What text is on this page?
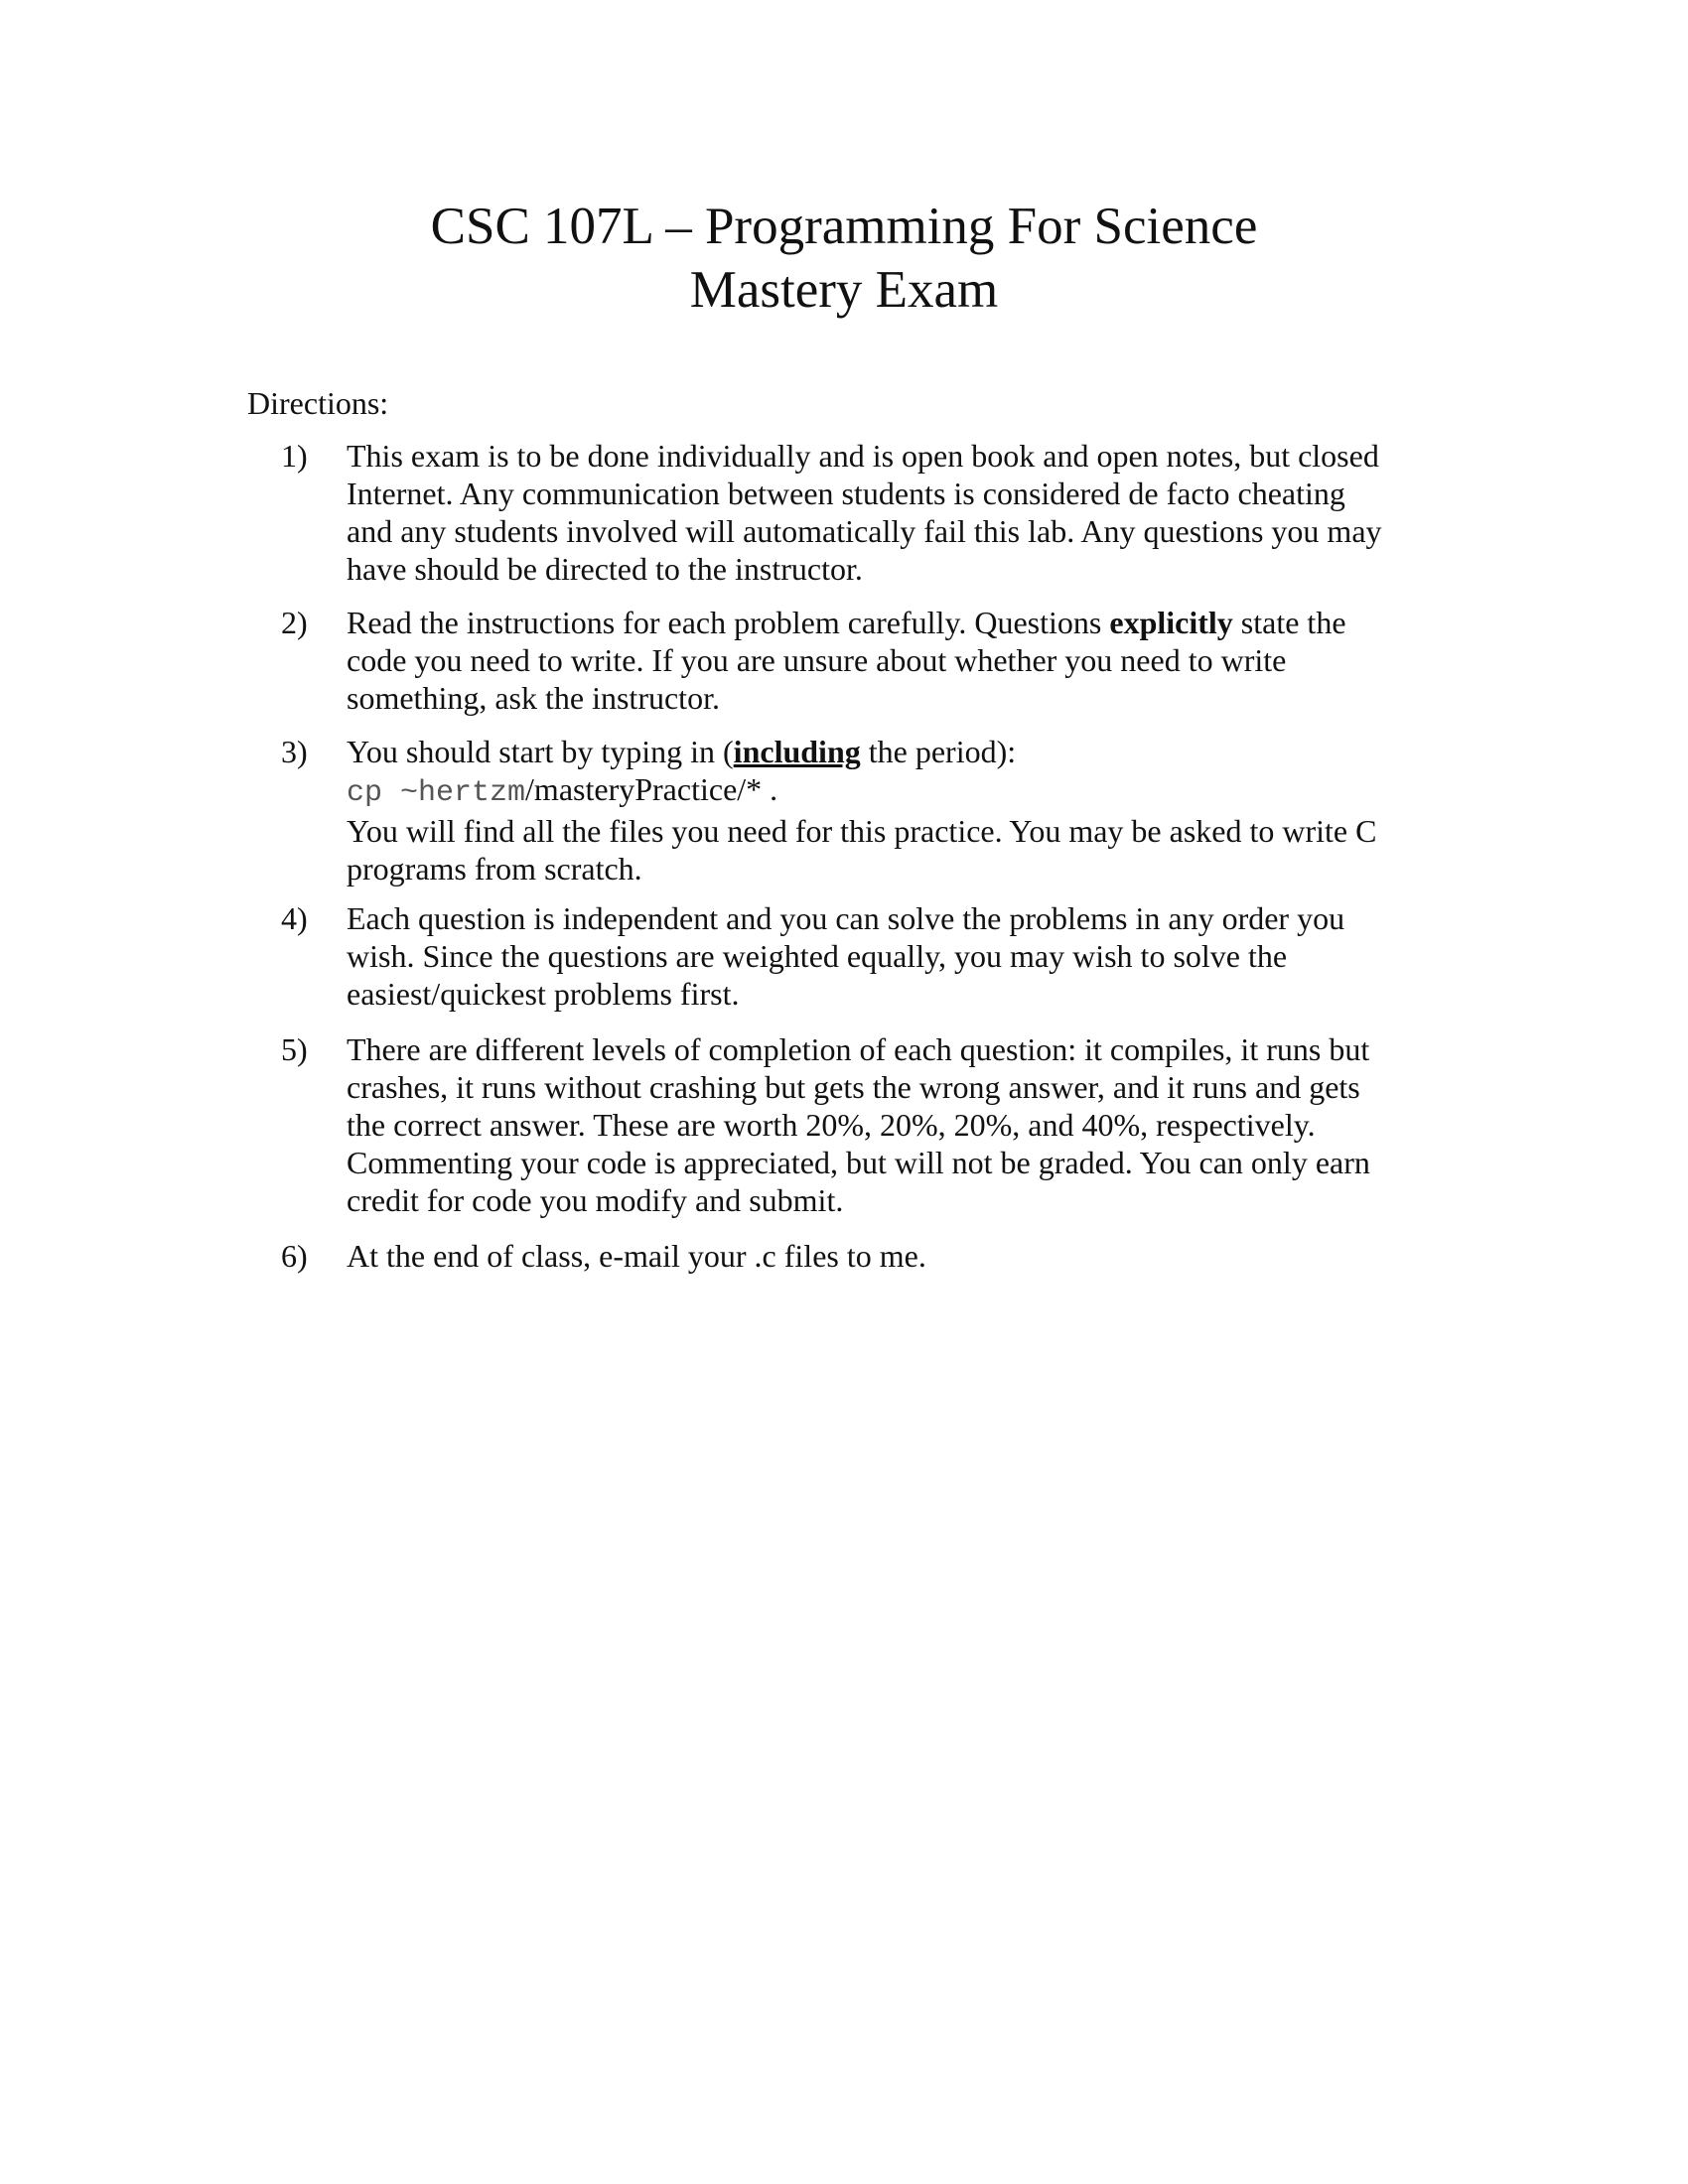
CSC 107L – Programming For Science
Mastery Exam

Directions:

1) This exam is to be done individually and is open book and open notes, but closed
Internet. Any communication between students is considered de facto cheating
and any students involved will automatically fail this lab. Any questions you may
have should be directed to the instructor.
2) Read the instructions for each problem carefully. Questions explicitly state the
code you need to write. If you are unsure about whether you need to write
something, ask the instructor.
3) You should start by typing in (including the period):
cp ~hertzm/masteryPractice/* .
You will find all the files you need for this practice. You may be asked to write C
programs from scratch.
4) Each question is independent and you can solve the problems in any order you
wish. Since the questions are weighted equally, you may wish to solve the
easiest/quickest problems first.
5) There are different levels of completion of each question: it compiles, it runs but
crashes, it runs without crashing but gets the wrong answer, and it runs and gets
the correct answer. These are worth 20%, 20%, 20%, and 40%, respectively.
Commenting your code is appreciated, but will not be graded. You can only earn
credit for code you modify and submit.
6) At the end of class, e-mail your .c files to me.
